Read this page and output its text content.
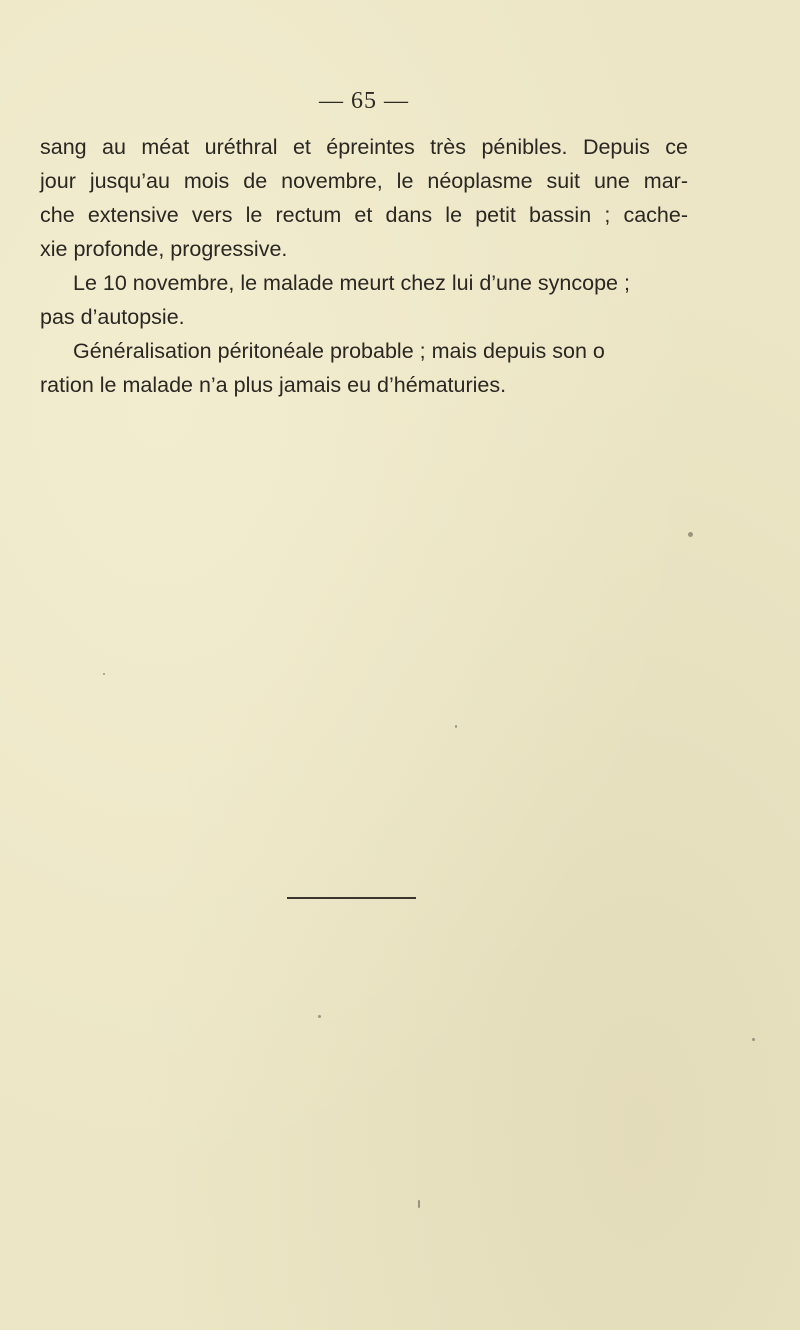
— 65 —
sang au méat uréthral et épreintes très pénibles. Depuis ce
jour jusqu’au mois de novembre, le néoplasme suit une mar-
che extensive vers le rectum et dans le petit bassin ; cache-
xie profonde, progressive.
Le 10 novembre, le malade meurt chez lui d’une syncope ;
pas d’autopsie.
Généralisation péritonéale probable ; mais depuis son o
ration le malade n’a plus jamais eu d’hématuries.
